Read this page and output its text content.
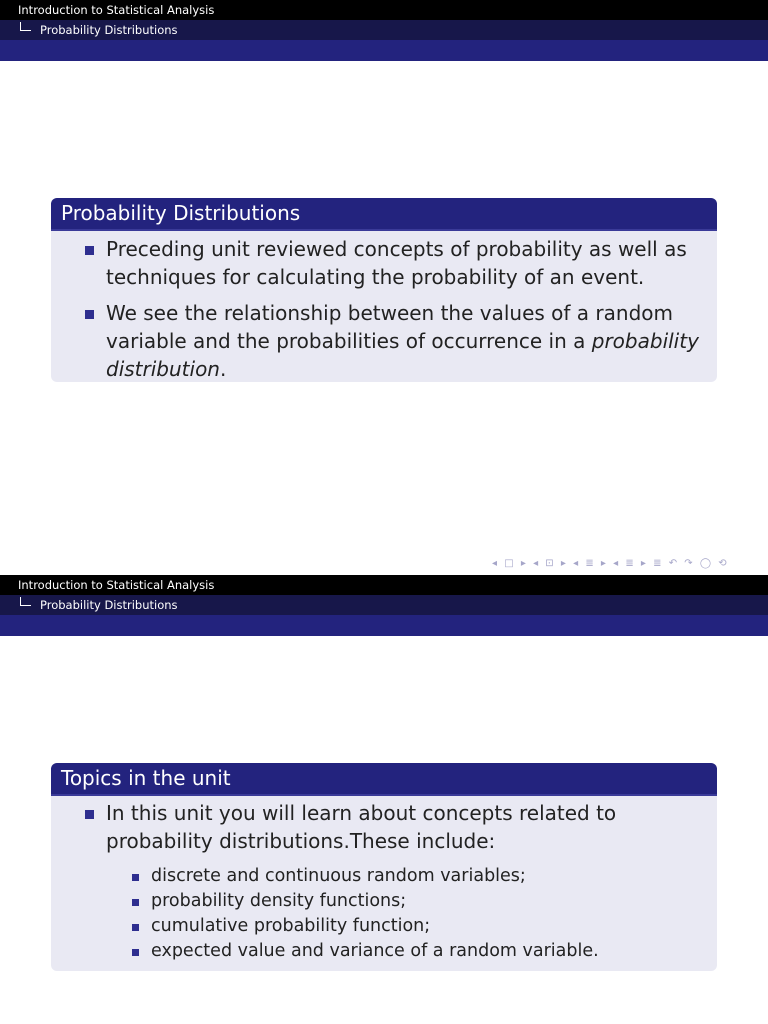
Introduction to Statistical Analysis
Probability Distributions
Probability Distributions
Preceding unit reviewed concepts of probability as well as techniques for calculating the probability of an event.
We see the relationship between the values of a random variable and the probabilities of occurrence in a probability distribution.
◂ □ ▸ ◂ ⊡ ▸ ◂ ≣ ▸ ◂ ≣ ▸ ≣ ↶ ↷ ◯ ⟲
Introduction to Statistical Analysis
Probability Distributions
Topics in the unit
In this unit you will learn about concepts related to probability distributions.These include:
discrete and continuous random variables;
probability density functions;
cumulative probability function;
expected value and variance of a random variable.
